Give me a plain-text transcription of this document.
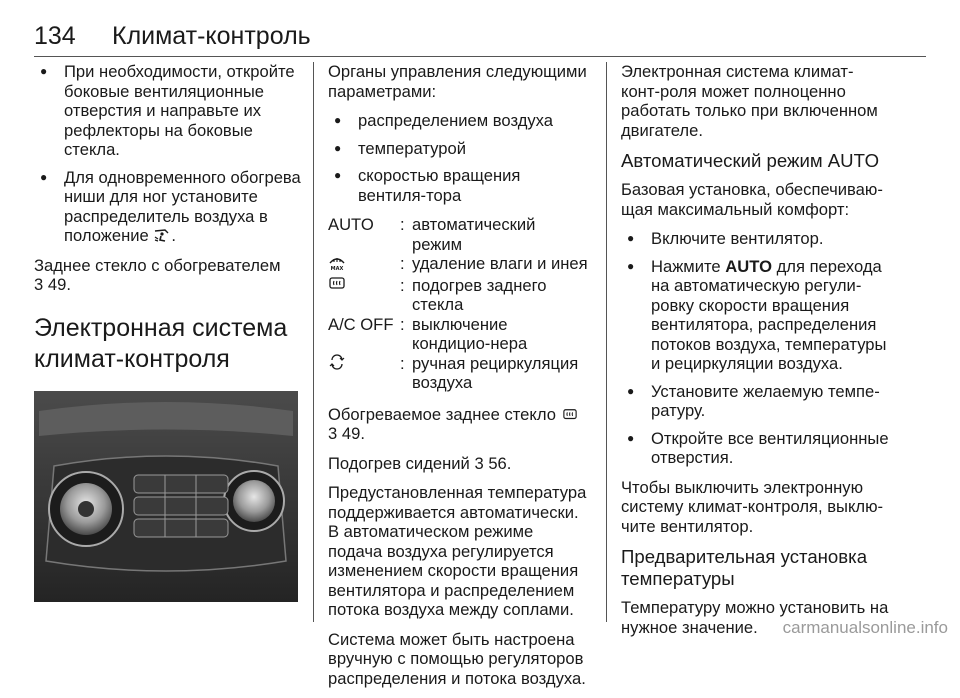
134 Климат-контроль
● При необходимости, откройте боковые вентиляционные отверстия и направьте их рефлекторы на боковые стекла.
● Для одновременного обогрева ниши для ног установите распределитель воздуха в положение .

Заднее стекло с обогревателем
3 49.

Электронная система климат-контроля

Органы управления следующими параметрами:

● распределением воздуха
● температурой
● скоростью вращения вентиля-тора
AUTO	: автоматический режим
MAX	: удаление влаги и инея
: подогрев заднего стекла
A/C OFF : выключение кондицио-нера
: ручная рециркуляция воздуха

Обогреваемое заднее стекло
3 49.

Подогрев сидений 3 56.

Предустановленная температура поддерживается автоматически. В автоматическом режиме подача воздуха регулируется изменением скорости вращения вентилятора и распределением потока воздуха между соплами.

Система может быть настроена вручную с помощью регуляторов распределения и потока воздуха.

Электронная система климат-конт-роля может полноценно работать только при включенном двигателе.

Автоматический режим AUTO

Базовая установка, обеспечиваю-щая максимальный комфорт:

● Включите вентилятор.
● Нажмите AUTO для перехода на автоматическую регули-ровку скорости вращения вентилятора, распределения потоков воздуха, температуры и рециркуляции воздуха.
● Установите желаемую темпе-ратуру.
● Откройте все вентиляционные отверстия.

Чтобы выключить электронную систему климат-контроля, выклю-чите вентилятор.

Предварительная установка температуры

Температуру можно установить на нужное значение.	carmanualsonline.info
